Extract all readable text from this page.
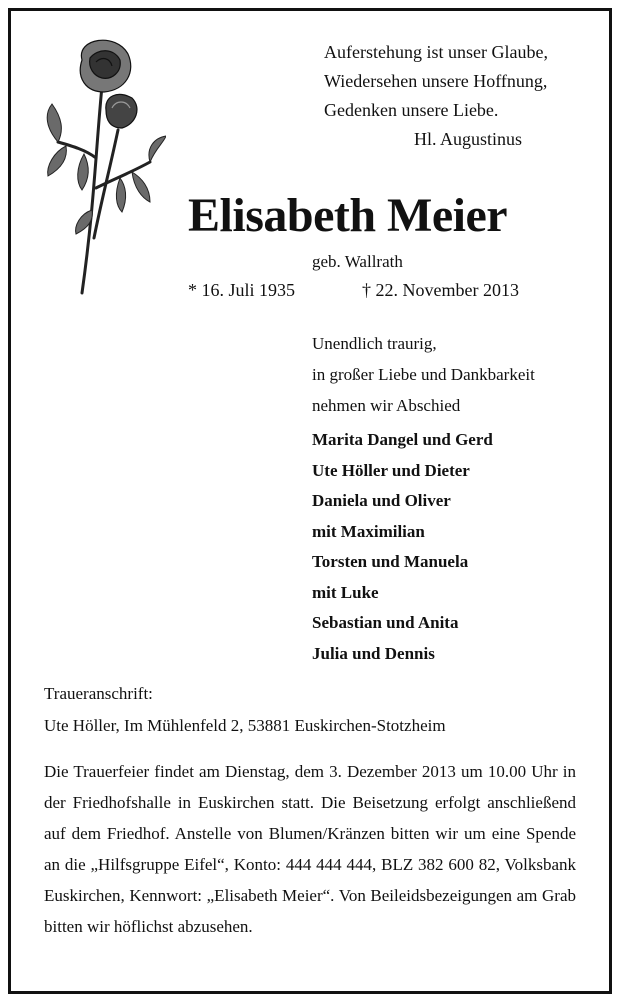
Auferstehung ist unser Glaube,
Wiedersehen unsere Hoffnung,
Gedenken unsere Liebe.
Hl. Augustinus
Elisabeth Meier
geb. Wallrath
* 16. Juli 1935	† 22. November 2013
Unendlich traurig,
in großer Liebe und Dankbarkeit
nehmen wir Abschied
Marita Dangel und Gerd
Ute Höller und Dieter
Daniela und Oliver
mit Maximilian
Torsten und Manuela
mit Luke
Sebastian und Anita
Julia und Dennis
Traueranschrift:
Ute Höller, Im Mühlenfeld 2, 53881 Euskirchen-Stotzheim
Die Trauerfeier findet am Dienstag, dem 3. Dezember 2013 um 10.00 Uhr in der Friedhofshalle in Euskirchen statt. Die Beisetzung erfolgt anschließend auf dem Friedhof. Anstelle von Blumen/Kränzen bitten wir um eine Spende an die „Hilfsgruppe Eifel“, Konto: 444 444 444, BLZ 382 600 82, Volksbank Euskirchen, Kennwort: „Elisabeth Meier“. Von Beileidsbezeigungen am Grab bitten wir höflichst abzusehen.
